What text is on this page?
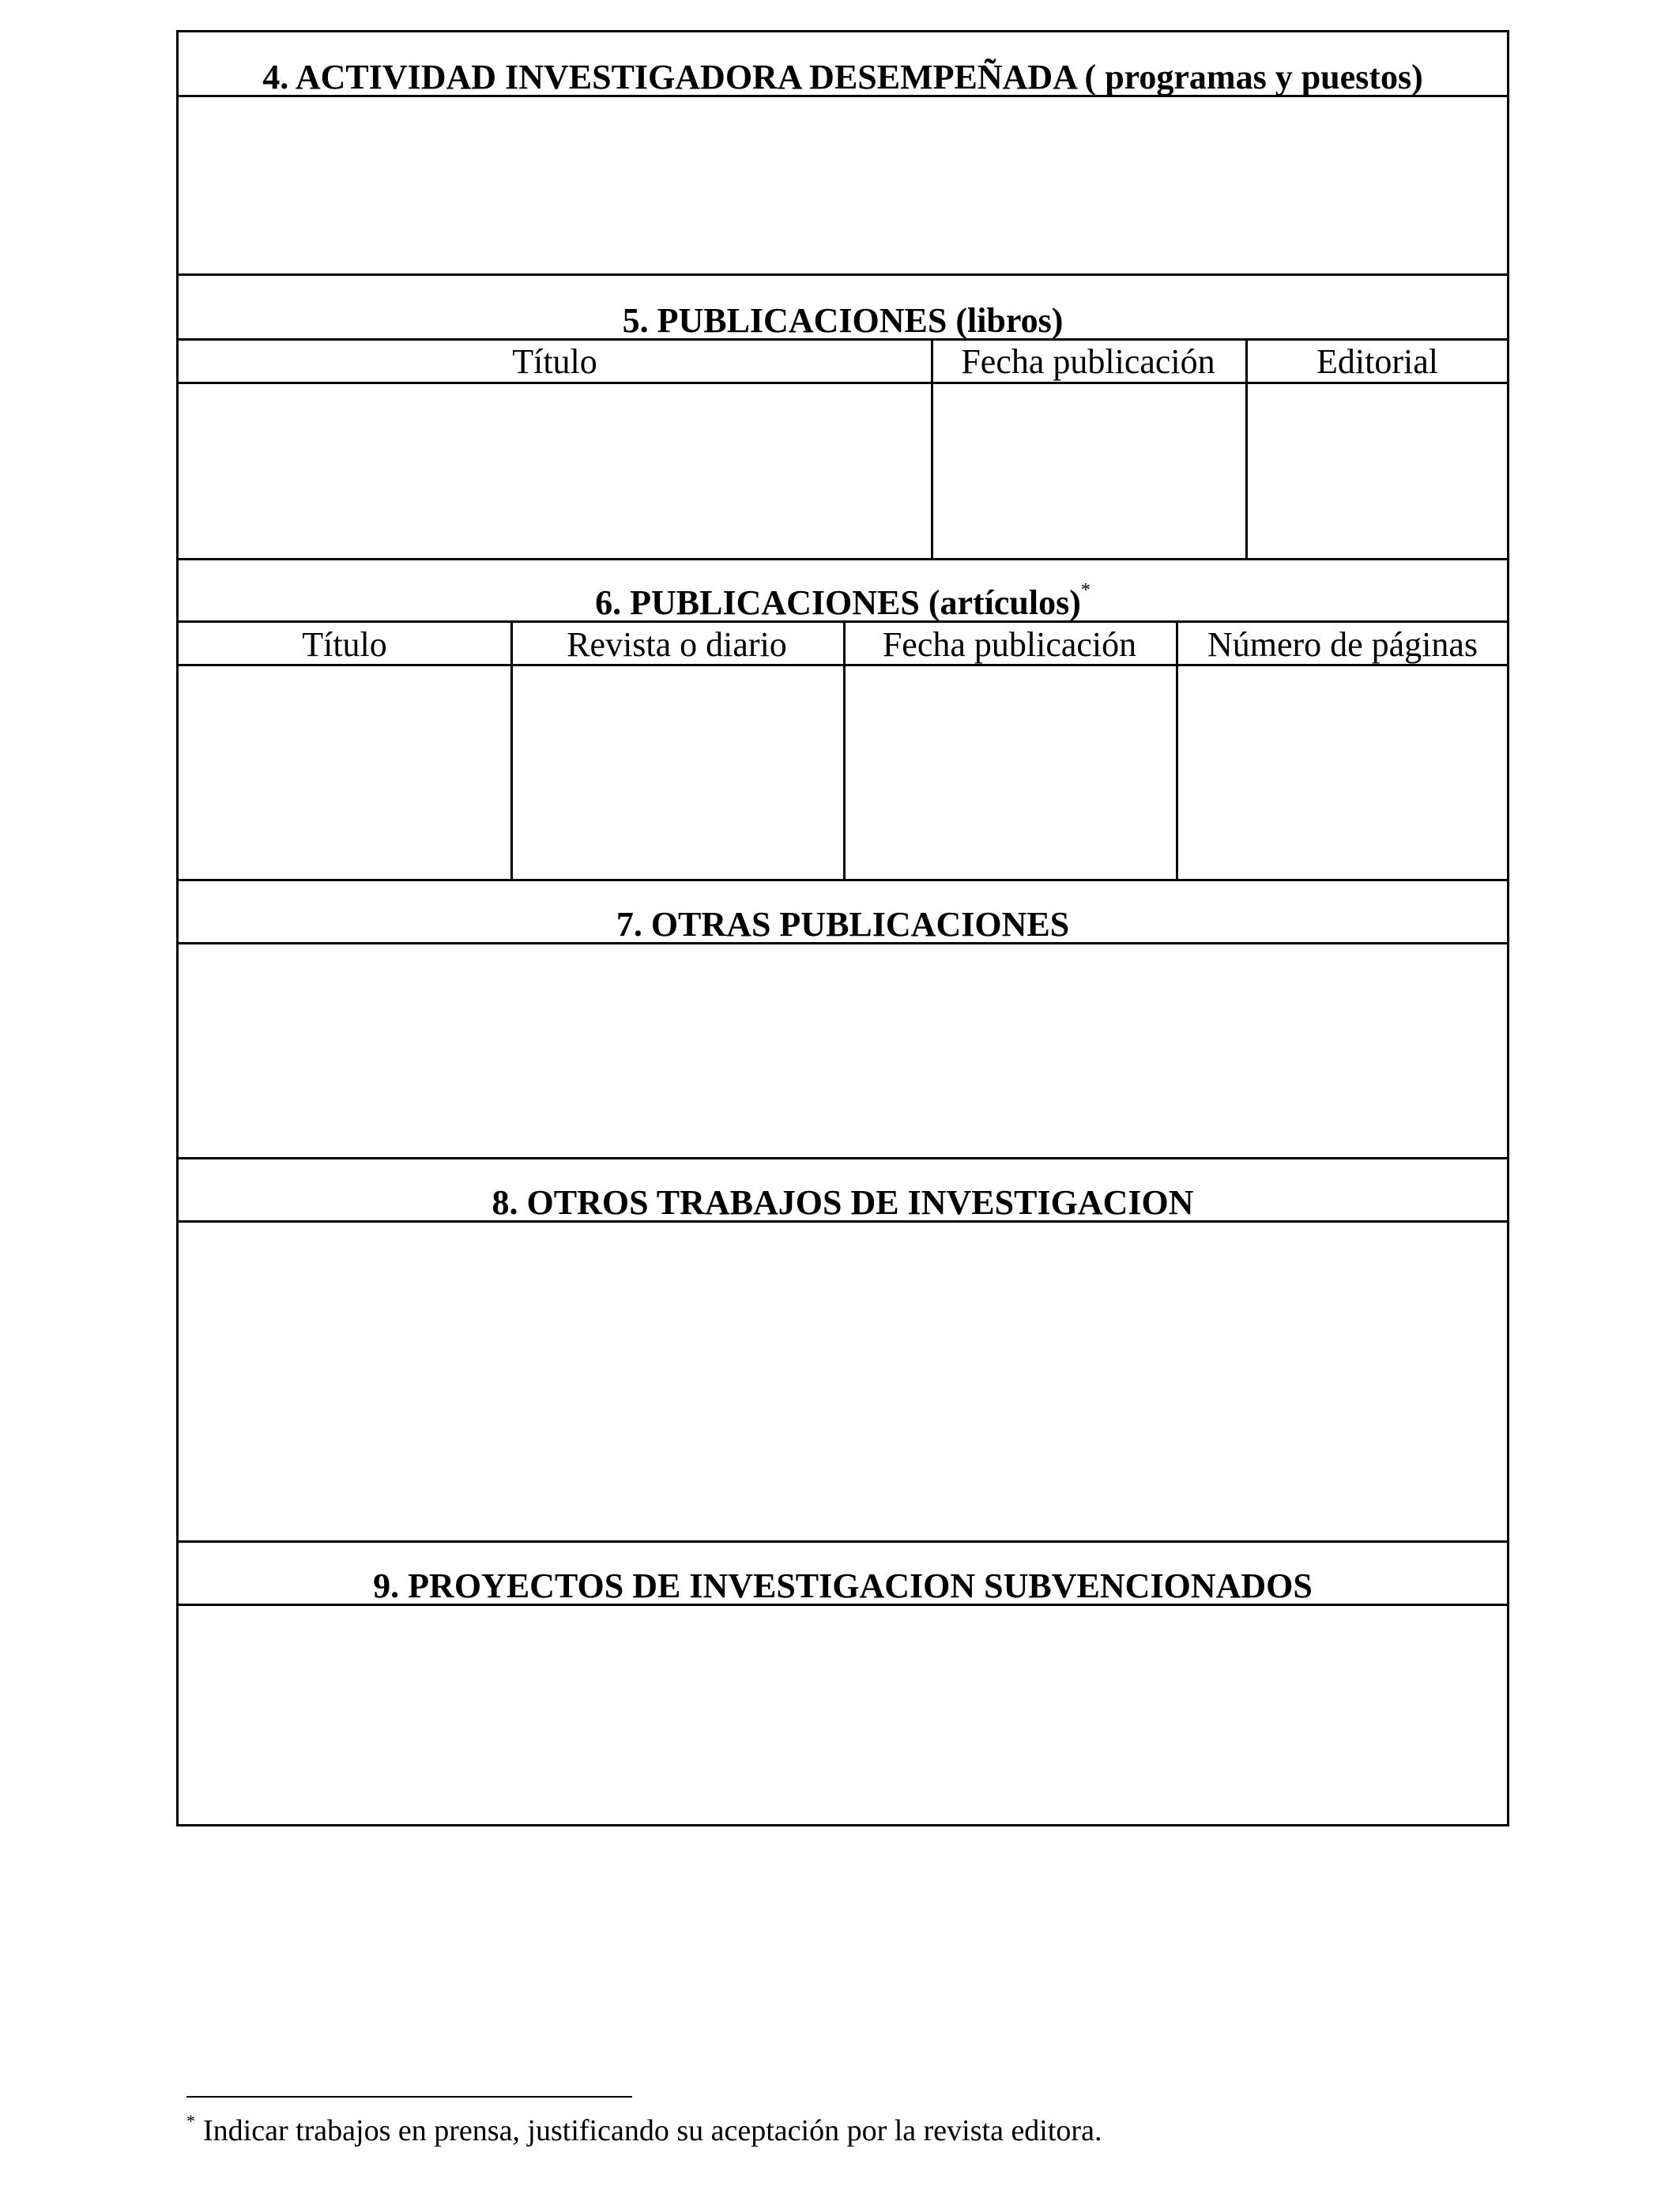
4. ACTIVIDAD INVESTIGADORA DESEMPEÑADA ( programas y puestos)
5. PUBLICACIONES (libros)
Título	Fecha publicación	Editorial
6. PUBLICACIONES (artículos)*
Título	Revista o diario	Fecha publicación	Número de páginas
7. OTRAS PUBLICACIONES
8. OTROS TRABAJOS DE INVESTIGACION
9. PROYECTOS DE INVESTIGACION SUBVENCIONADOS
* Indicar trabajos en prensa, justificando su aceptación por la revista editora.
